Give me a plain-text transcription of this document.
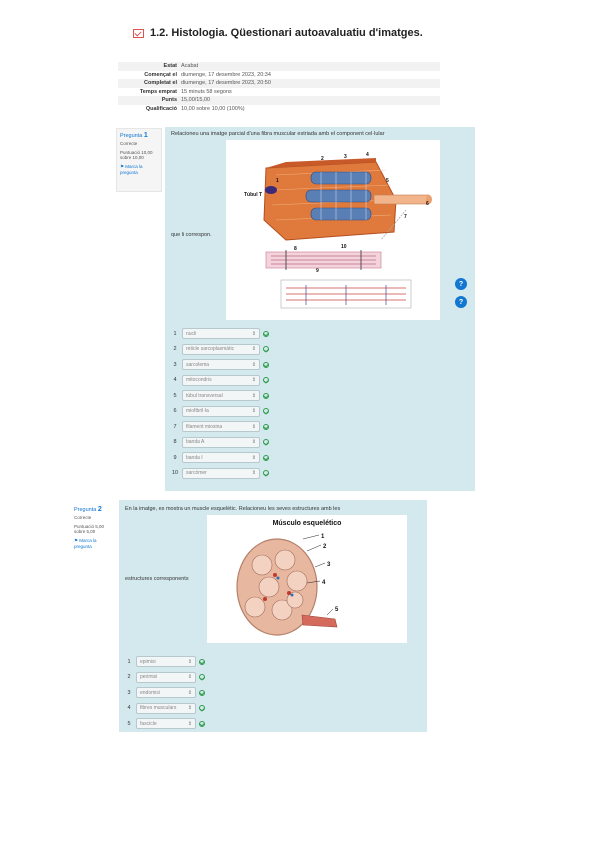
1.2. Histologia. Qüestionari autoavaluatiu d'imatges.
Estat Acabat
Començat el diumenge, 17 desembre 2023, 20:34
Completat el diumenge, 17 desembre 2023, 20:50
Temps emprat 15 minuts 58 segons
Punts 15,00/15,00
Qualificació 10,00 sobre 10,00 (100%)
Pregunta 1
Correcte
Puntuació 10,00 sobre 10,00
⚑ Marca la pregunta
Relacioneu una imatge parcial d'una fibra muscular estriada amb el component cel·lular
que li correspon.
1
2	3	4
5
6
7
8	10
9
Túbul T
1	nucli	⇕
2	reticle sarcoplasmàtic	⇕
3	sarcolema	⇕
4	mitocondris	⇕
5	túbul transversal	⇕
6	miofibril·la	⇕
7	filament miosina	⇕
8	banda A	⇕
9	banda I	⇕
10	sarcòmer	⇕
?
?
Pregunta 2
Correcte
Puntuació 5,00 sobre 5,00
⚑ Marca la pregunta
En la imatge, es mostra un muscle esquelètic. Relacioneu les seves estructures amb les
estructures corresponents
Músculo esquelético
1
2
3
4
5
1	epimisi	⇕
2	perimisi	⇕
3	endomisi	⇕
4	fibres musculars ⇕
5	fascicle	⇕
